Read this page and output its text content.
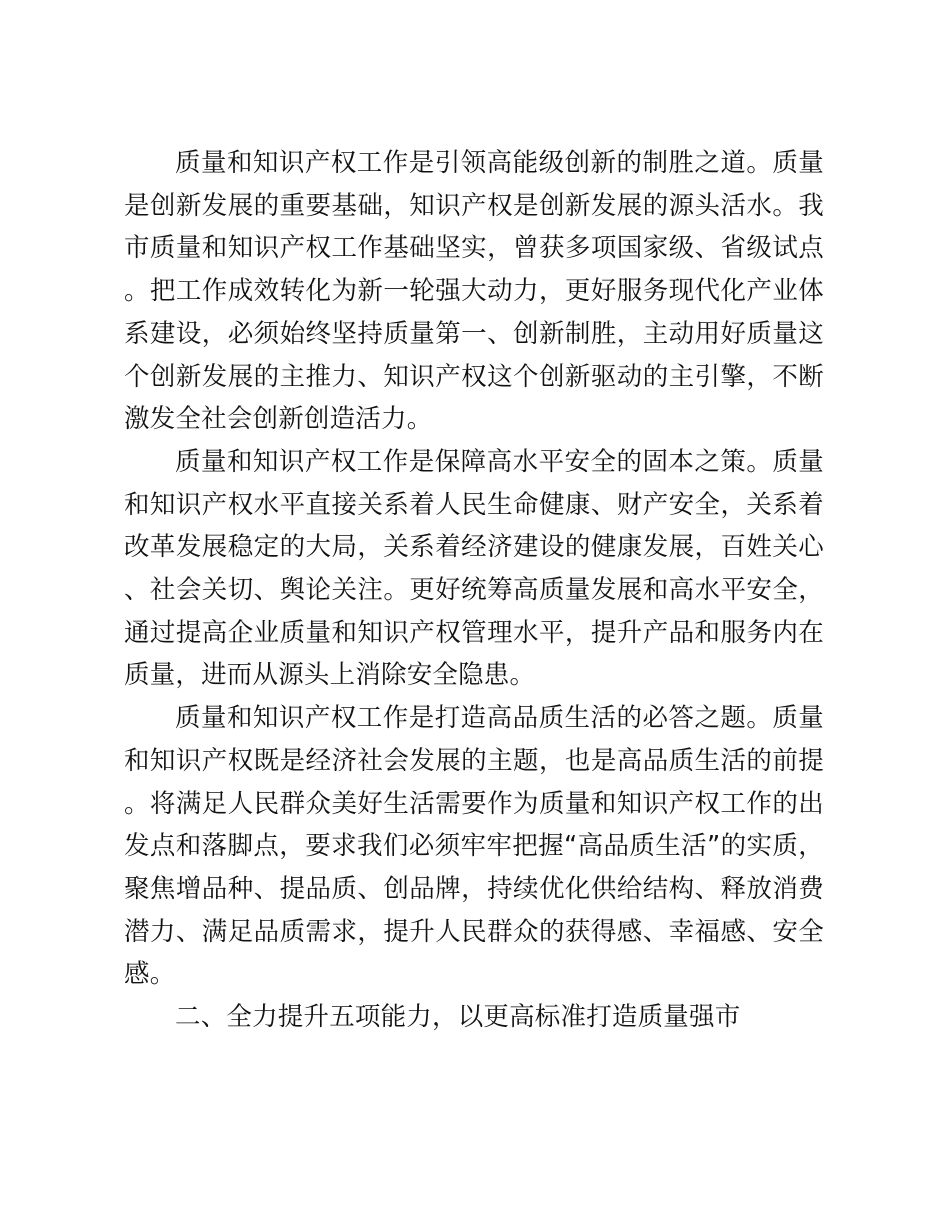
质量和知识产权工作是引领高能级创新的制胜之道。质量是创新发展的重要基础，知识产权是创新发展的源头活水。我市质量和知识产权工作基础坚实，曾获多项国家级、省级试点。把工作成效转化为新一轮强大动力，更好服务现代化产业体系建设，必须始终坚持质量第一、创新制胜，主动用好质量这个创新发展的主推力、知识产权这个创新驱动的主引擎，不断激发全社会创新创造活力。

质量和知识产权工作是保障高水平安全的固本之策。质量和知识产权水平直接关系着人民生命健康、财产安全，关系着改革发展稳定的大局，关系着经济建设的健康发展，百姓关心、社会关切、舆论关注。更好统筹高质量发展和高水平安全，通过提高企业质量和知识产权管理水平，提升产品和服务内在质量，进而从源头上消除安全隐患。

质量和知识产权工作是打造高品质生活的必答之题。质量和知识产权既是经济社会发展的主题，也是高品质生活的前提。将满足人民群众美好生活需要作为质量和知识产权工作的出发点和落脚点，要求我们必须牢牢把握“高品质生活”的实质，聚焦增品种、提品质、创品牌，持续优化供给结构、释放消费潜力、满足品质需求，提升人民群众的获得感、幸福感、安全感。

二、全力提升五项能力，以更高标准打造质量强市
